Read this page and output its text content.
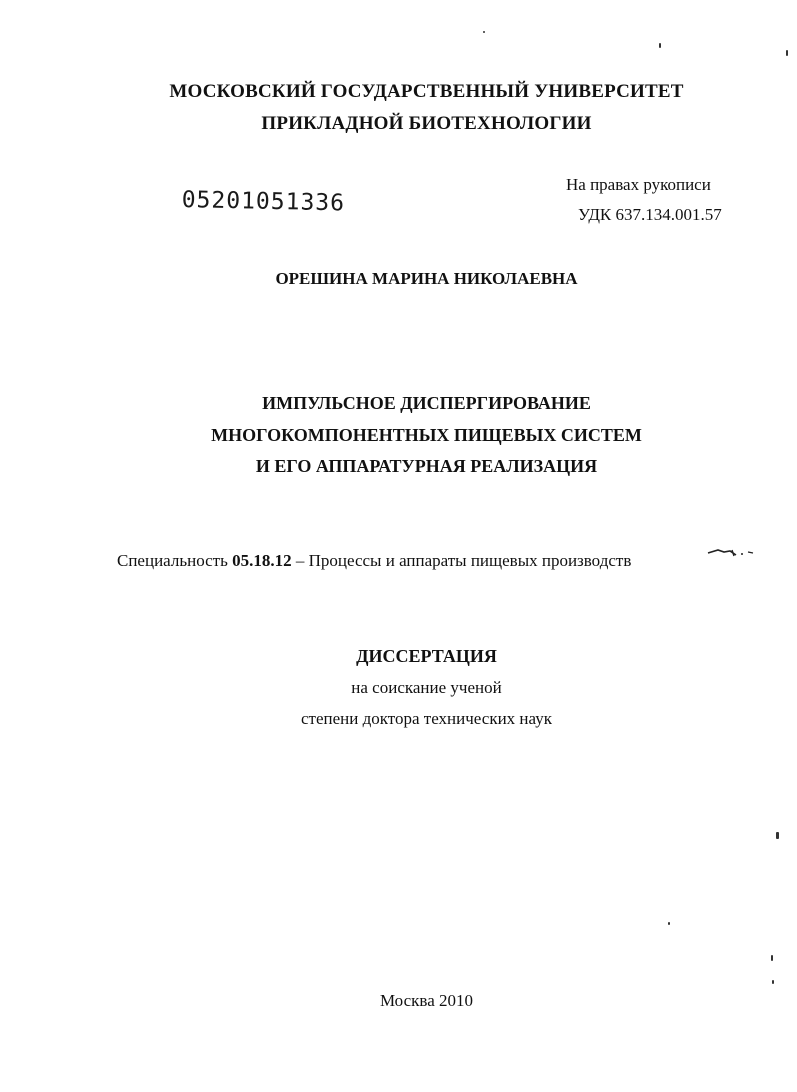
МОСКОВСКИЙ ГОСУДАРСТВЕННЫЙ УНИВЕРСИТЕТ
ПРИКЛАДНОЙ БИОТЕХНОЛОГИИ
05201051336
На правах рукописи
УДК 637.134.001.57
ОРЕШИНА МАРИНА НИКОЛАЕВНА
ИМПУЛЬСНОЕ ДИСПЕРГИРОВАНИЕ
МНОГОКОМПОНЕНТНЫХ ПИЩЕВЫХ СИСТЕМ
И ЕГО АППАРАТУРНАЯ РЕАЛИЗАЦИЯ
Специальность 05.18.12 – Процессы и аппараты пищевых производств
ДИССЕРТАЦИЯ
на соискание ученой
степени доктора технических наук
Москва 2010
